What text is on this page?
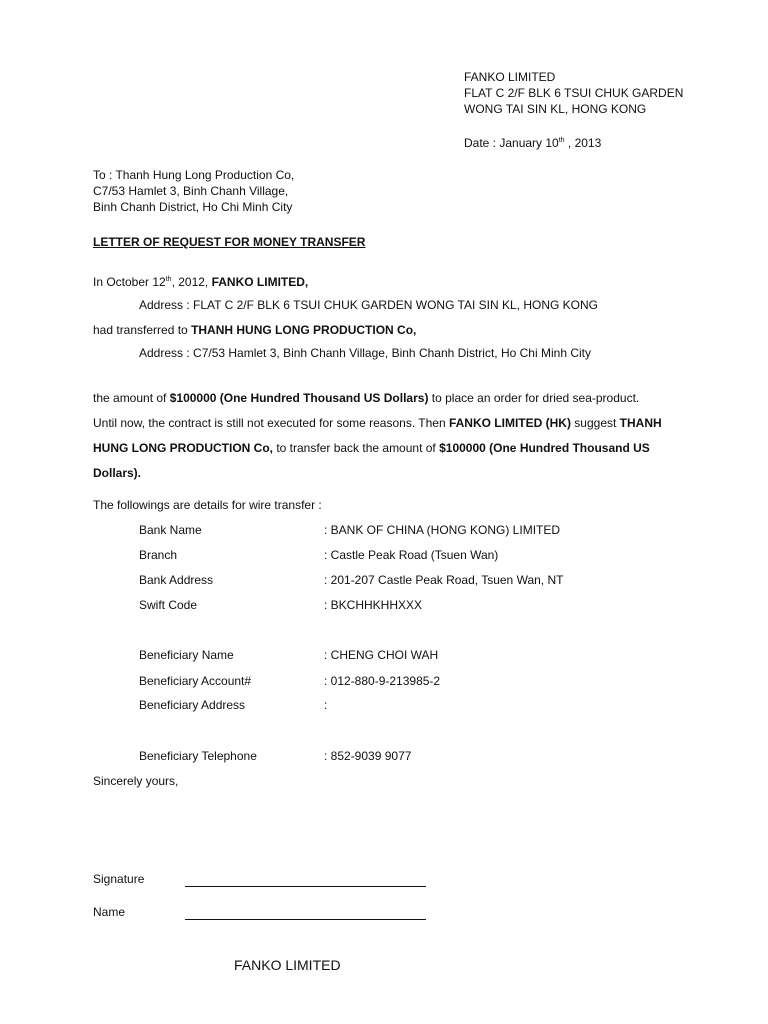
FANKO LIMITED
FLAT C 2/F BLK 6 TSUI CHUK GARDEN
WONG TAI SIN KL, HONG KONG
Date : January 10th , 2013
To : Thanh Hung Long Production Co,
C7/53 Hamlet 3, Binh Chanh Village,
Binh Chanh District, Ho Chi Minh City
LETTER OF REQUEST FOR MONEY TRANSFER
In October 12th, 2012, FANKO LIMITED,
Address : FLAT C 2/F BLK 6 TSUI CHUK GARDEN WONG TAI SIN KL, HONG KONG
had transferred to THANH HUNG LONG PRODUCTION Co,
Address : C7/53 Hamlet 3, Binh Chanh Village, Binh Chanh District, Ho Chi Minh City
the amount of $100000 (One Hundred Thousand US Dollars) to place an order for dried sea-product.
Until now, the contract is still not executed for some reasons. Then FANKO LIMITED (HK) suggest THANH
HUNG LONG PRODUCTION Co, to transfer back the amount of $100000 (One Hundred Thousand US
Dollars).
The followings are details for wire transfer :
Bank Name	: BANK OF CHINA (HONG KONG) LIMITED
Branch	: Castle Peak Road (Tsuen Wan)
Bank Address	: 201-207 Castle Peak Road, Tsuen Wan, NT
Swift Code	: BKCHHKHHXXX
Beneficiary Name	: CHENG CHOI WAH
Beneficiary Account#	: 012-880-9-213985-2
Beneficiary Address	:
Beneficiary Telephone	: 852-9039 9077
Sincerely yours,
Signature
Name
FANKO LIMITED
